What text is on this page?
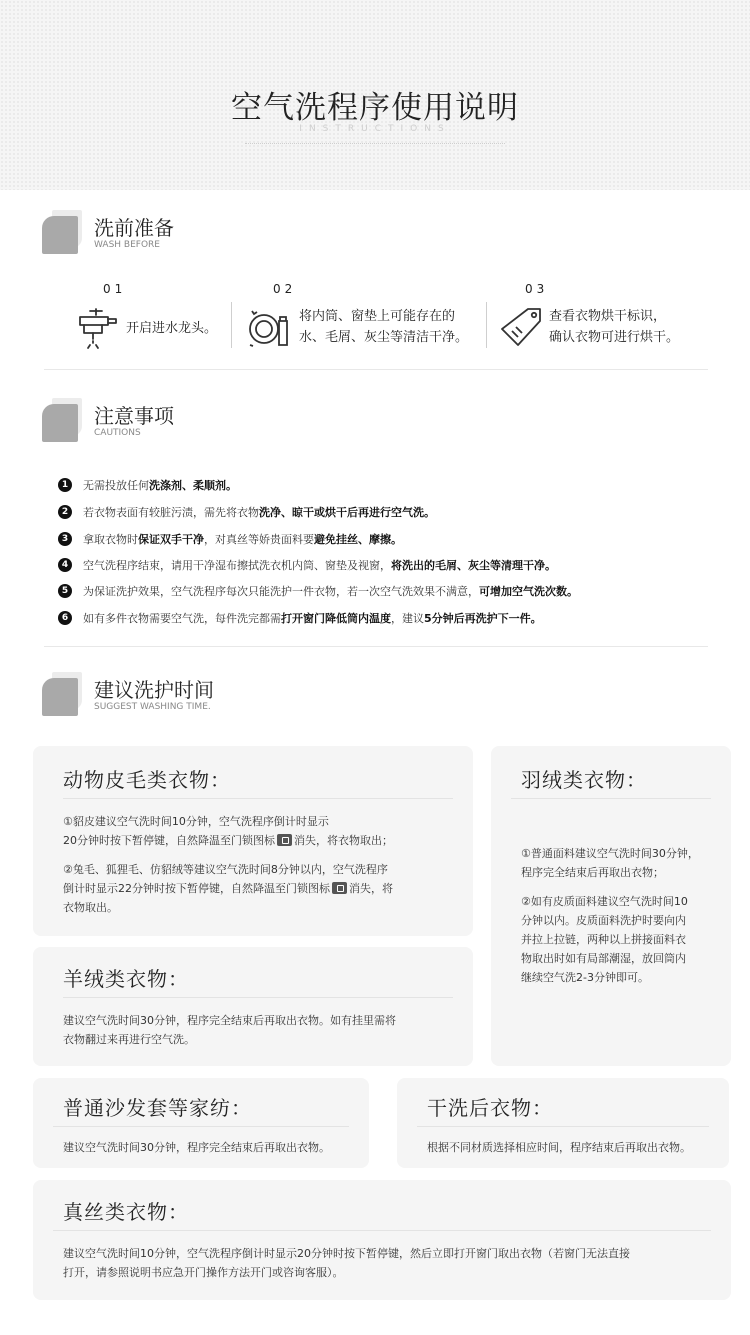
空气洗程序使用说明
INSTRUCTIONS
洗前准备
WASH BEFORE
01
开启进水龙头。
02
将内筒、窗垫上可能存在的
水、毛屑、灰尘等清洁干净。
03
查看衣物烘干标识，
确认衣物可进行烘干。
注意事项
CAUTIONS
1	无需投放任何洗涤剂、柔顺剂。
2	若衣物表面有较脏污渍，需先将衣物洗净、晾干或烘干后再进行空气洗。
3	拿取衣物时保证双手干净，对真丝等娇贵面料要避免挂丝、摩擦。
4	空气洗程序结束，请用干净湿布擦拭洗衣机内筒、窗垫及视窗，将洗出的毛屑、灰尘等清理干净。
5	为保证洗护效果，空气洗程序每次只能洗护一件衣物，若一次空气洗效果不满意，可增加空气洗次数。
6	如有多件衣物需要空气洗，每件洗完都需打开窗门降低筒内温度，建议5分钟后再洗护下一件。
建议洗护时间
SUGGEST WASHING TIME.
动物皮毛类衣物：

①貂皮建议空气洗时间10分钟，空气洗程序倒计时显示

20分钟时按下暂停键，自然降温至门锁图标 消失，将衣物取出；

②兔毛、狐狸毛、仿貂绒等建议空气洗时间8分钟以内，空气洗程序

倒计时显示22分钟时按下暂停键，自然降温至门锁图标 消失，将

衣物取出。

羽绒类衣物：

①普通面料建议空气洗时间30分钟，

程序完全结束后再取出衣物；

②如有皮质面料建议空气洗时间10

分钟以内。皮质面料洗护时要向内

并拉上拉链，两种以上拼接面料衣

物取出时如有局部潮湿，放回筒内

继续空气洗2-3分钟即可。

羊绒类衣物：

建议空气洗时间30分钟，程序完全结束后再取出衣物。如有挂里需将

衣物翻过来再进行空气洗。

普通沙发套等家纺：
建议空气洗时间30分钟，程序完全结束后再取出衣物。
干洗后衣物：
根据不同材质选择相应时间，程序结束后再取出衣物。
真丝类衣物：

建议空气洗时间10分钟，空气洗程序倒计时显示20分钟时按下暂停键，然后立即打开窗门取出衣物（若窗门无法直接

打开，请参照说明书应急开门操作方法开门或咨询客服）。
